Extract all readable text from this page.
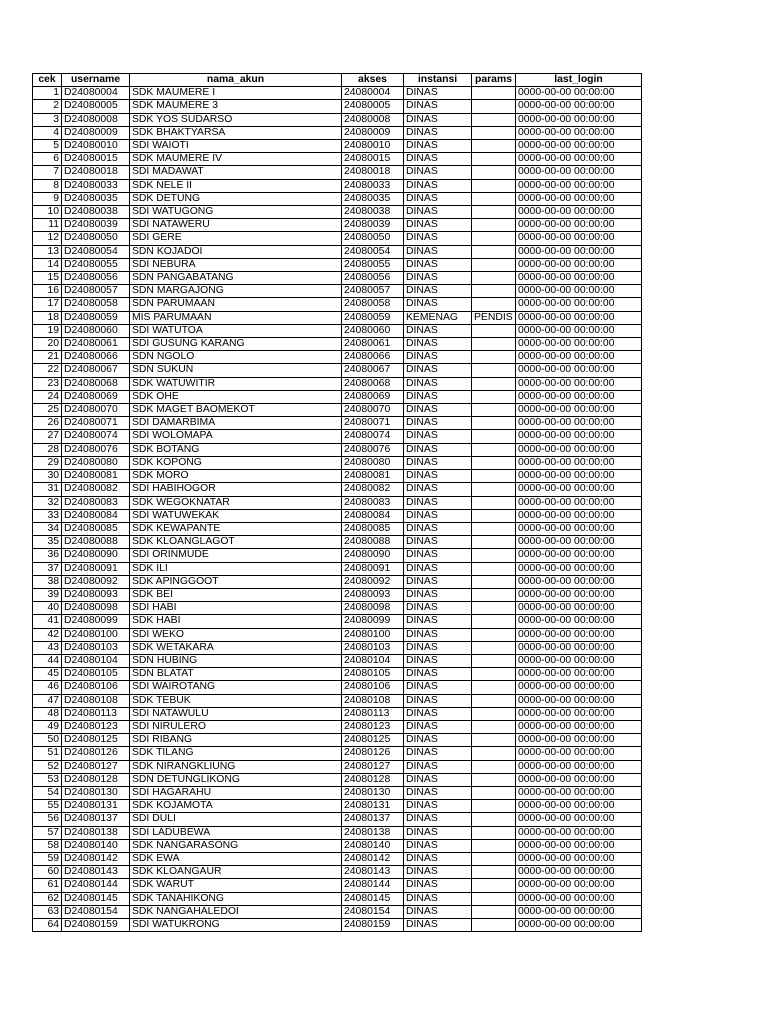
cek	username	nama_akun	akses	instansi	params	last_login
1	D24080004	SDK MAUMERE I	24080004	DINAS		0000-00-00 00:00:00
2	D24080005	SDK MAUMERE 3	24080005	DINAS		0000-00-00 00:00:00
3	D24080008	SDK YOS SUDARSO	24080008	DINAS		0000-00-00 00:00:00
4	D24080009	SDK BHAKTYARSA	24080009	DINAS		0000-00-00 00:00:00
5	D24080010	SDI WAIOTI	24080010	DINAS		0000-00-00 00:00:00
6	D24080015	SDK MAUMERE IV	24080015	DINAS		0000-00-00 00:00:00
7	D24080018	SDI MADAWAT	24080018	DINAS		0000-00-00 00:00:00
8	D24080033	SDK NELE II	24080033	DINAS		0000-00-00 00:00:00
9	D24080035	SDK DETUNG	24080035	DINAS		0000-00-00 00:00:00
10	D24080038	SDI WATUGONG	24080038	DINAS		0000-00-00 00:00:00
11	D24080039	SDI NATAWERU	24080039	DINAS		0000-00-00 00:00:00
12	D24080050	SDI GERE	24080050	DINAS		0000-00-00 00:00:00
13	D24080054	SDN KOJADOI	24080054	DINAS		0000-00-00 00:00:00
14	D24080055	SDI NEBURA	24080055	DINAS		0000-00-00 00:00:00
15	D24080056	SDN PANGABATANG	24080056	DINAS		0000-00-00 00:00:00
16	D24080057	SDN MARGAJONG	24080057	DINAS		0000-00-00 00:00:00
17	D24080058	SDN PARUMAAN	24080058	DINAS		0000-00-00 00:00:00
18	D24080059	MIS PARUMAAN	24080059	KEMENAG	PENDIS	0000-00-00 00:00:00
19	D24080060	SDI WATUTOA	24080060	DINAS		0000-00-00 00:00:00
20	D24080061	SDI GUSUNG KARANG	24080061	DINAS		0000-00-00 00:00:00
21	D24080066	SDN NGOLO	24080066	DINAS		0000-00-00 00:00:00
22	D24080067	SDN SUKUN	24080067	DINAS		0000-00-00 00:00:00
23	D24080068	SDK WATUWITIR	24080068	DINAS		0000-00-00 00:00:00
24	D24080069	SDK OHE	24080069	DINAS		0000-00-00 00:00:00
25	D24080070	SDK MAGET BAOMEKOT	24080070	DINAS		0000-00-00 00:00:00
26	D24080071	SDI DAMARBIMA	24080071	DINAS		0000-00-00 00:00:00
27	D24080074	SDI WOLOMAPA	24080074	DINAS		0000-00-00 00:00:00
28	D24080076	SDK BOTANG	24080076	DINAS		0000-00-00 00:00:00
29	D24080080	SDK KOPONG	24080080	DINAS		0000-00-00 00:00:00
30	D24080081	SDK MORO	24080081	DINAS		0000-00-00 00:00:00
31	D24080082	SDI HABIHOGOR	24080082	DINAS		0000-00-00 00:00:00
32	D24080083	SDK WEGOKNATAR	24080083	DINAS		0000-00-00 00:00:00
33	D24080084	SDI WATUWEKAK	24080084	DINAS		0000-00-00 00:00:00
34	D24080085	SDK KEWAPANTE	24080085	DINAS		0000-00-00 00:00:00
35	D24080088	SDK KLOANGLAGOT	24080088	DINAS		0000-00-00 00:00:00
36	D24080090	SDI ORINMUDE	24080090	DINAS		0000-00-00 00:00:00
37	D24080091	SDK ILI	24080091	DINAS		0000-00-00 00:00:00
38	D24080092	SDK APINGGOOT	24080092	DINAS		0000-00-00 00:00:00
39	D24080093	SDK BEI	24080093	DINAS		0000-00-00 00:00:00
40	D24080098	SDI HABI	24080098	DINAS		0000-00-00 00:00:00
41	D24080099	SDK HABI	24080099	DINAS		0000-00-00 00:00:00
42	D24080100	SDI WEKO	24080100	DINAS		0000-00-00 00:00:00
43	D24080103	SDK WETAKARA	24080103	DINAS		0000-00-00 00:00:00
44	D24080104	SDN HUBING	24080104	DINAS		0000-00-00 00:00:00
45	D24080105	SDN BLATAT	24080105	DINAS		0000-00-00 00:00:00
46	D24080106	SDI WAIROTANG	24080106	DINAS		0000-00-00 00:00:00
47	D24080108	SDK TEBUK	24080108	DINAS		0000-00-00 00:00:00
48	D24080113	SDI NATAWULU	24080113	DINAS		0000-00-00 00:00:00
49	D24080123	SDI NIRULERO	24080123	DINAS		0000-00-00 00:00:00
50	D24080125	SDI RIBANG	24080125	DINAS		0000-00-00 00:00:00
51	D24080126	SDK TILANG	24080126	DINAS		0000-00-00 00:00:00
52	D24080127	SDK NIRANGKLIUNG	24080127	DINAS		0000-00-00 00:00:00
53	D24080128	SDN DETUNGLIKONG	24080128	DINAS		0000-00-00 00:00:00
54	D24080130	SDI HAGARAHU	24080130	DINAS		0000-00-00 00:00:00
55	D24080131	SDK KOJAMOTA	24080131	DINAS		0000-00-00 00:00:00
56	D24080137	SDI DULI	24080137	DINAS		0000-00-00 00:00:00
57	D24080138	SDI LADUBEWA	24080138	DINAS		0000-00-00 00:00:00
58	D24080140	SDK NANGARASONG	24080140	DINAS		0000-00-00 00:00:00
59	D24080142	SDK EWA	24080142	DINAS		0000-00-00 00:00:00
60	D24080143	SDK KLOANGAUR	24080143	DINAS		0000-00-00 00:00:00
61	D24080144	SDK WARUT	24080144	DINAS		0000-00-00 00:00:00
62	D24080145	SDK TANAHIKONG	24080145	DINAS		0000-00-00 00:00:00
63	D24080154	SDK NANGAHALEDOI	24080154	DINAS		0000-00-00 00:00:00
64	D24080159	SDI WATUKRONG	24080159	DINAS		0000-00-00 00:00:00
